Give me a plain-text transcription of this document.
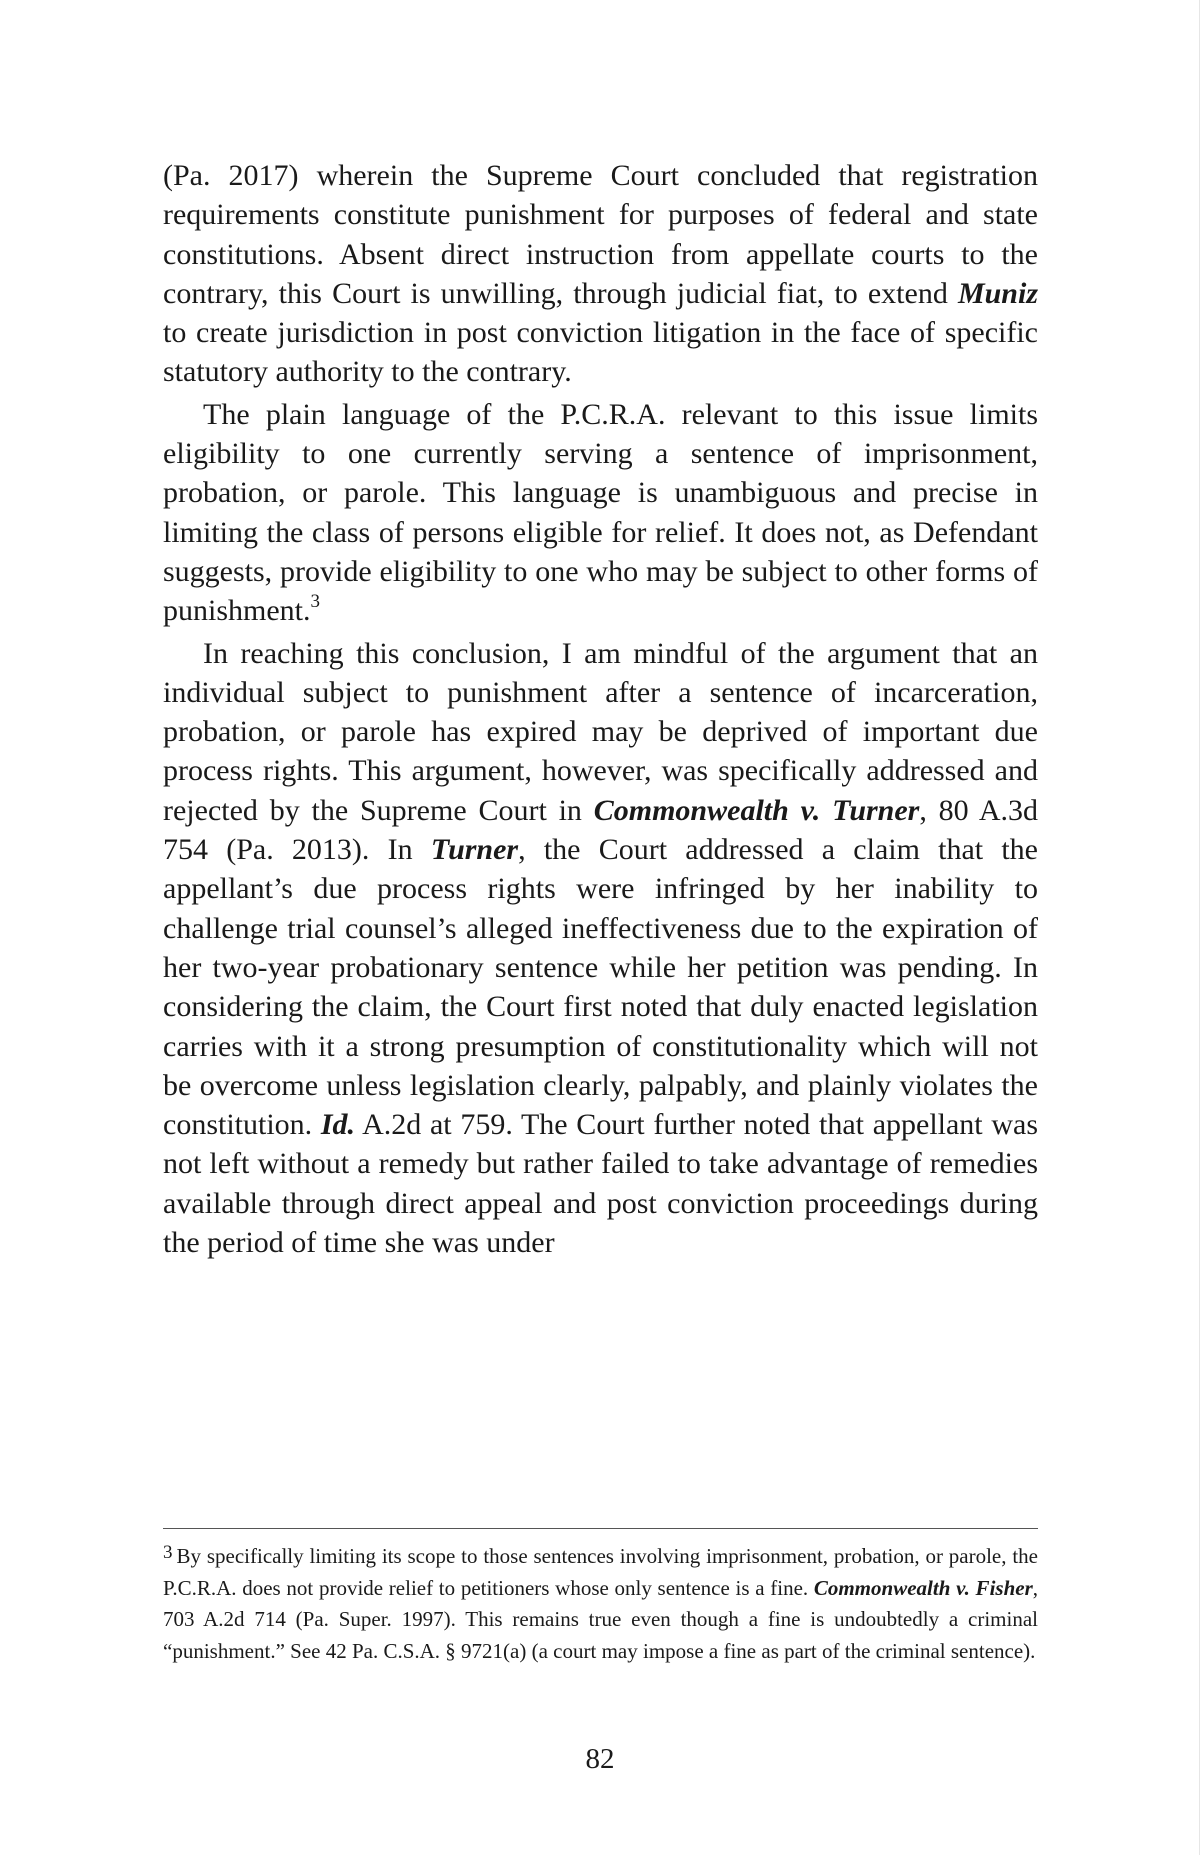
(Pa. 2017) wherein the Supreme Court concluded that registration requirements constitute punishment for purposes of federal and state constitutions. Absent direct instruction from appellate courts to the contrary, this Court is unwilling, through judicial fiat, to extend Muniz to create jurisdiction in post conviction litigation in the face of specific statutory authority to the contrary.

The plain language of the P.C.R.A. relevant to this issue limits eligibility to one currently serving a sentence of imprisonment, probation, or parole. This language is unambiguous and precise in limiting the class of persons eligible for relief. It does not, as Defendant suggests, provide eligibility to one who may be subject to other forms of punishment.$^3$

In reaching this conclusion, I am mindful of the argument that an individual subject to punishment after a sentence of incarceration, probation, or parole has expired may be deprived of important due process rights. This argument, however, was specifically addressed and rejected by the Supreme Court in Commonwealth v. Turner, 80 A.3d 754 (Pa. 2013). In Turner, the Court addressed a claim that the appellant’s due process rights were infringed by her inability to challenge trial counsel’s alleged ineffectiveness due to the expiration of her two-year probationary sentence while her petition was pending. In considering the claim, the Court first noted that duly enacted legislation carries with it a strong presumption of constitutionality which will not be overcome unless legislation clearly, palpably, and plainly violates the constitution. Id. A.2d at 759. The Court further noted that appellant was not left without a remedy but rather failed to take advantage of remedies available through direct appeal and post conviction proceedings during the period of time she was under

$^3$ By specifically limiting its scope to those sentences involving imprisonment, probation, or parole, the P.C.R.A. does not provide relief to petitioners whose only sentence is a fine. Commonwealth v. Fisher, 703 A.2d 714 (Pa. Super. 1997). This remains true even though a fine is undoubtedly a criminal “punishment.” See 42 Pa. C.S.A. § 9721(a) (a court may impose a fine as part of the criminal sentence).

82
